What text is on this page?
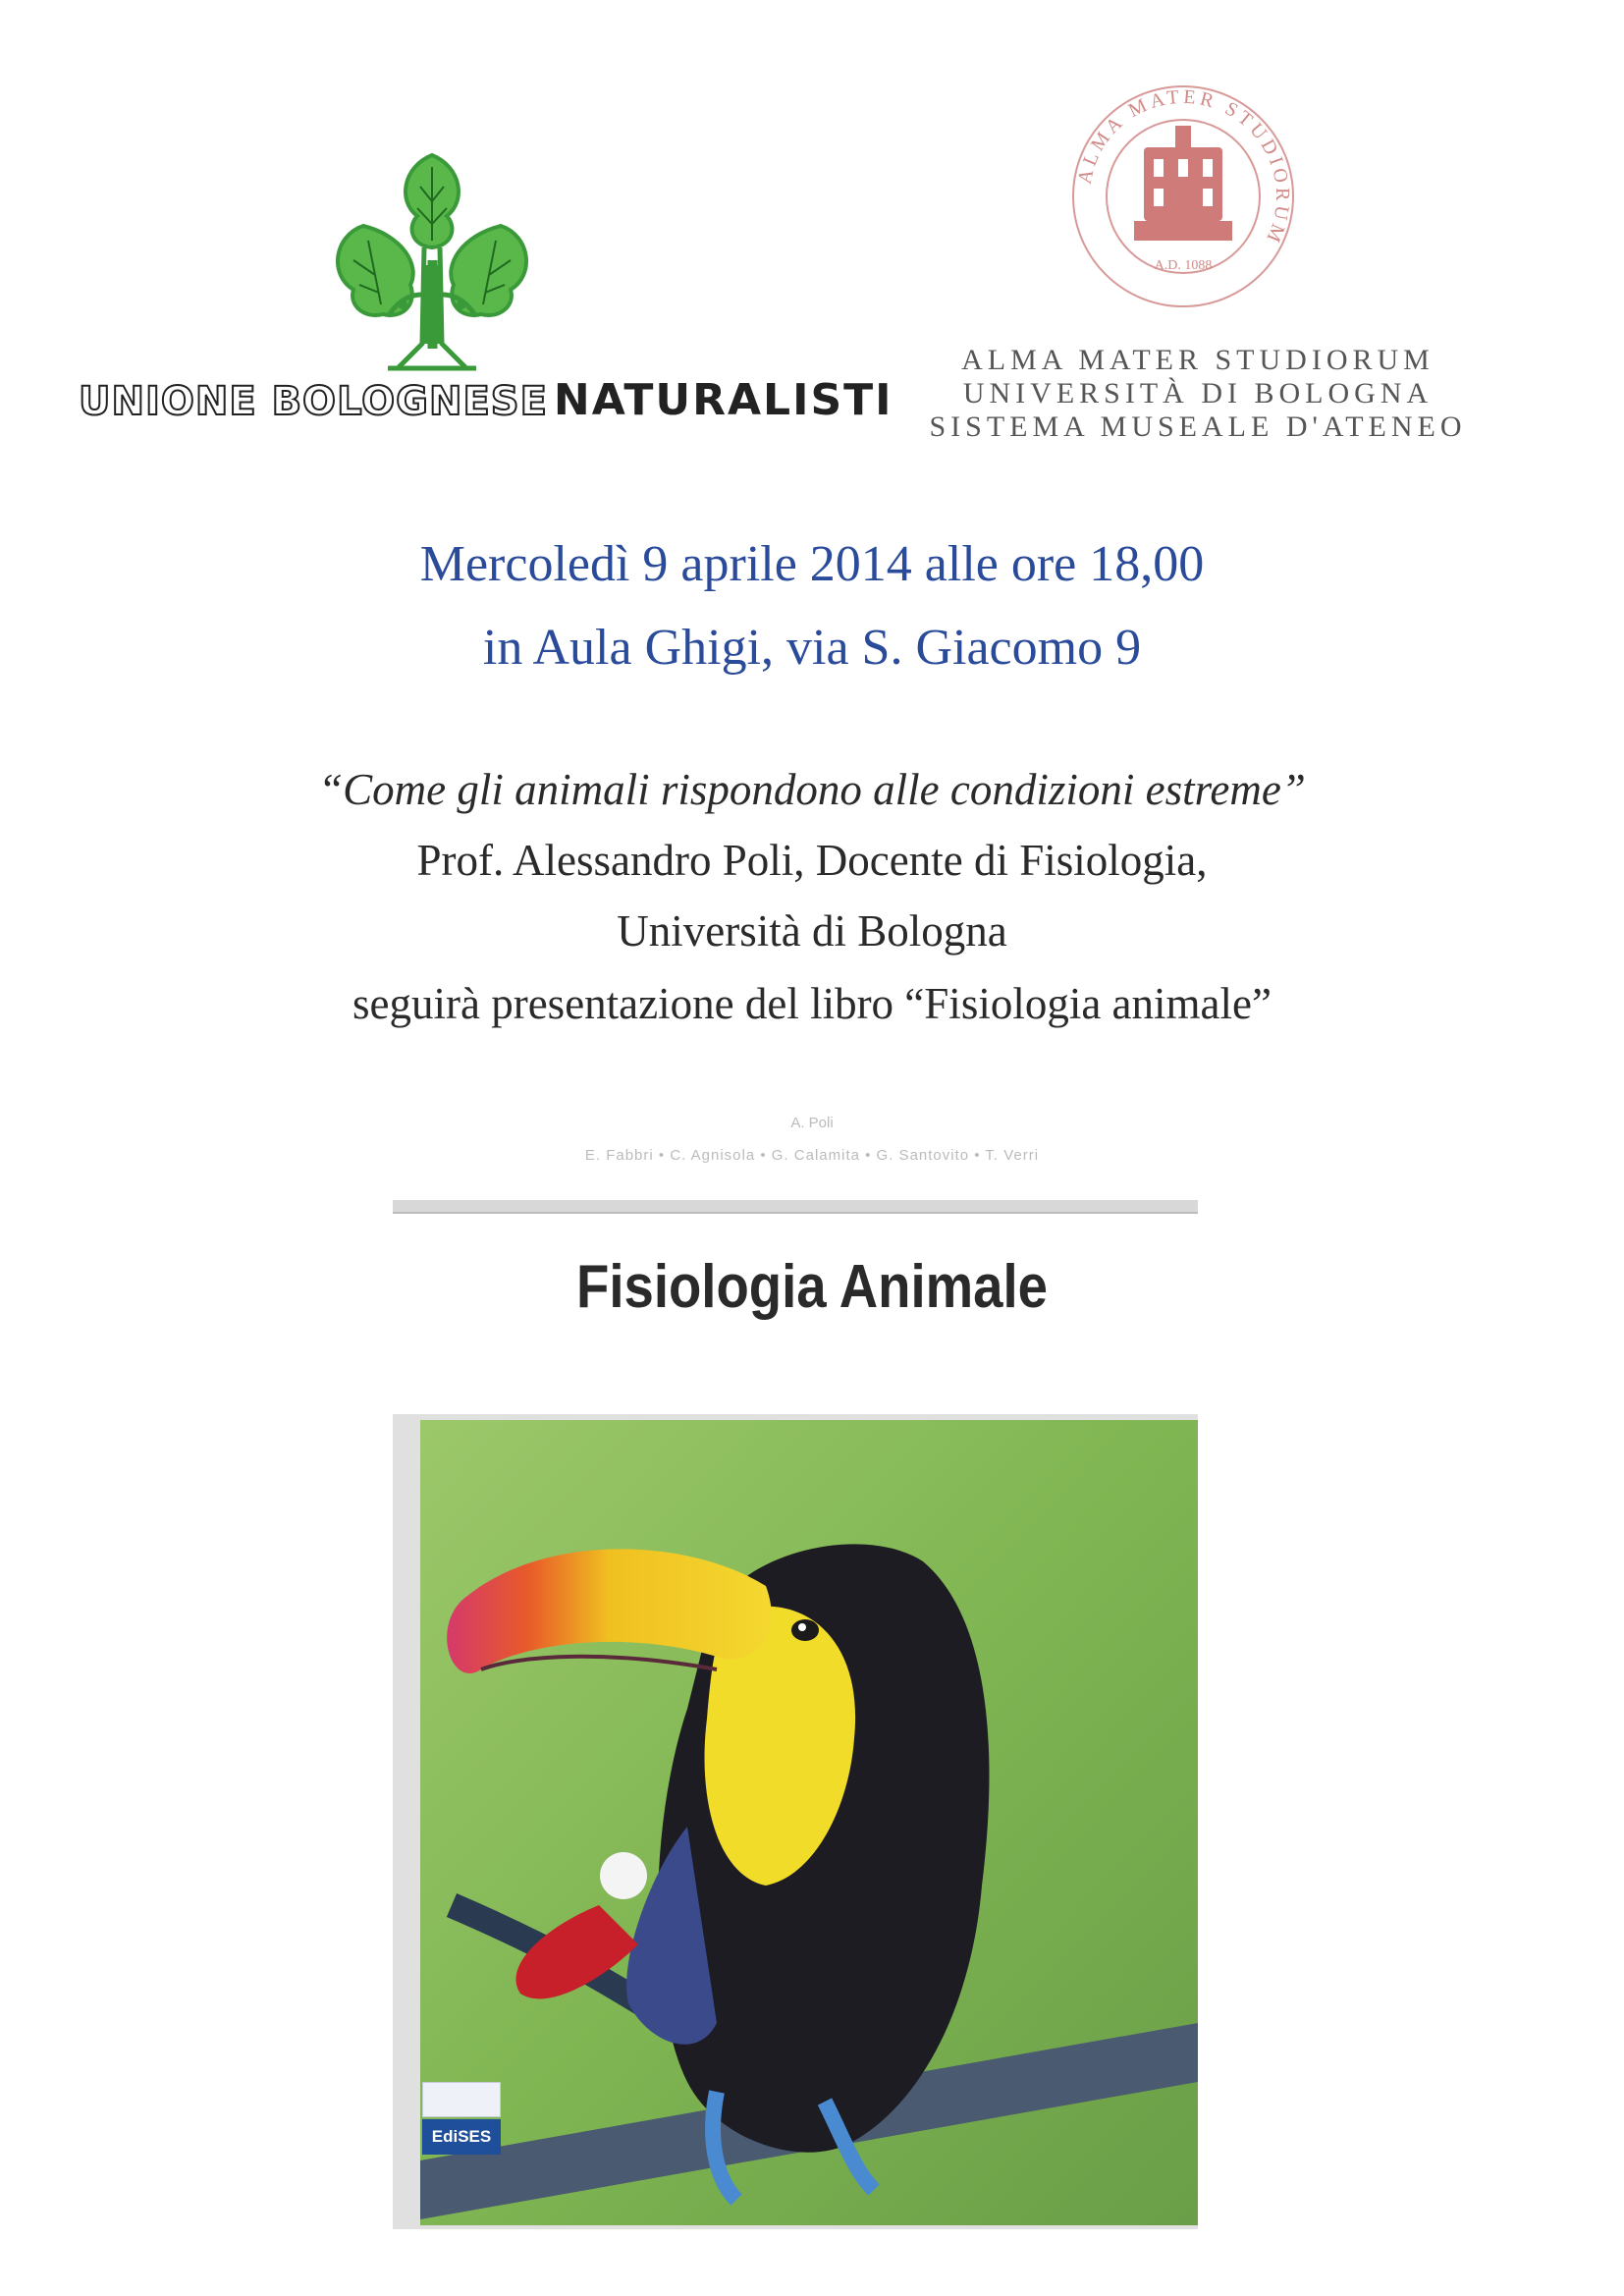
UNIONE BOLOGNESE NATURALISTI
ALMA MATER STUDIORUM
A.D. 1088
ALMA MATER STUDIORUM
UNIVERSITÀ DI BOLOGNA
SISTEMA MUSEALE D'ATENEO
Mercoledì 9 aprile 2014 alle ore 18,00
in Aula Ghigi, via S. Giacomo 9
“Come gli animali rispondono alle condizioni estreme”
Prof. Alessandro Poli, Docente di Fisiologia,
Università di Bologna
seguirà presentazione del libro “Fisiologia animale”
A. Poli
E. Fabbri • C. Agnisola • G. Calamita • G. Santovito • T. Verri
Fisiologia Animale
EdiSES
